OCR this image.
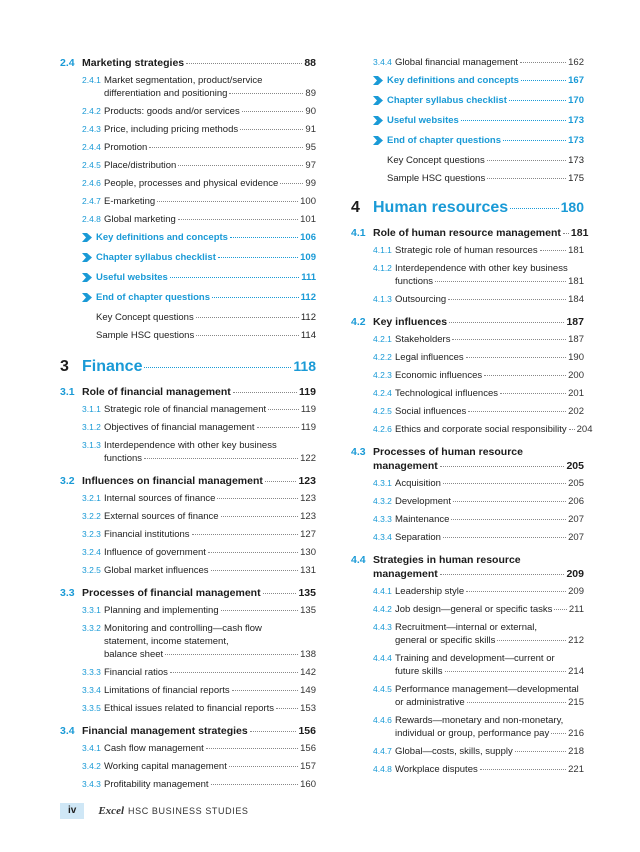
2.4 Marketing strategies	88
2.4.1 Market segmentation, product/service
differentiation and positioning	89
2.4.2 Products: goods and/or services	90
2.4.3 Price, including pricing methods	91
2.4.4 Promotion	95
2.4.5 Place/distribution	97
2.4.6 People, processes and physical evidence	99
2.4.7 E-marketing	100
2.4.8 Global marketing	101
Key definitions and concepts	106
Chapter syllabus checklist	109
Useful websites	111
End of chapter questions	112
Key Concept questions	112
Sample HSC questions	114
3 Finance	118
3.1 Role of financial management	119
3.1.1 Strategic role of financial management	119
3.1.2 Objectives of financial management	119
3.1.3 Interdependence with other key business
functions	122
3.2 Influences on financial management	123
3.2.1 Internal sources of finance	123
3.2.2 External sources of finance	123
3.2.3 Financial institutions	127
3.2.4 Influence of government	130
3.2.5 Global market influences	131
3.3 Processes of financial management	135
3.3.1 Planning and implementing	135
3.3.2 Monitoring and controlling—cash flow
statement, income statement,
balance sheet	138
3.3.3 Financial ratios	142
3.3.4 Limitations of financial reports	149
3.3.5 Ethical issues related to financial reports	153
3.4 Financial management strategies	156
3.4.1 Cash flow management	156
3.4.2 Working capital management	157
3.4.3 Profitability management	160
3.4.4 Global financial management	162
Key definitions and concepts	167
Chapter syllabus checklist	170
Useful websites	173
End of chapter questions	173
Key Concept questions	173
Sample HSC questions	175
4 Human resources	180
4.1 Role of human resource management 181
4.1.1 Strategic role of human resources	181
4.1.2 Interdependence with other key business
functions	181
4.1.3 Outsourcing	184
4.2 Key influences	187
4.2.1 Stakeholders	187
4.2.2 Legal influences	190
4.2.3 Economic influences	200
4.2.4 Technological influences	201
4.2.5 Social influences	202
4.2.6 Ethics and corporate social responsibility 204
4.3 Processes of human resource
management	205
4.3.1 Acquisition	205
4.3.2 Development	206
4.3.3 Maintenance	207
4.3.4 Separation	207
4.4 Strategies in human resource
management	209
4.4.1 Leadership style	209
4.4.2 Job design—general or specific tasks 211
4.4.3 Recruitment—internal or external,
general or specific skills	212
4.4.4 Training and development—current or
future skills	214
4.4.5 Performance management—developmental
or administrative	215
4.4.6 Rewards—monetary and non-monetary,
individual or group, performance pay 216
4.4.7 Global—costs, skills, supply	218
4.4.8 Workplace disputes	221
iv	Excel HSC BUSINESS STUDIES
